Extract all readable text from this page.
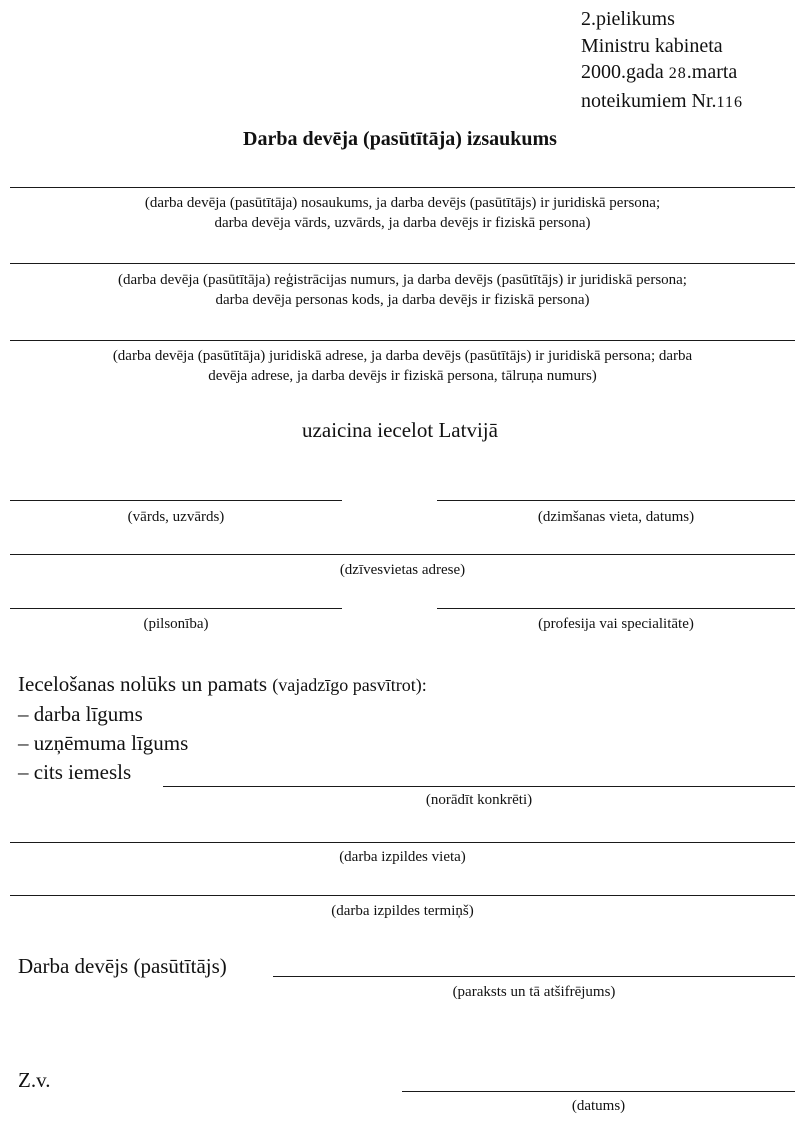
2.pielikums
Ministru kabineta
2000.gada 28.marta
noteikumiem Nr.116
Darba devēja (pasūtītāja) izsaukums
(darba devēja (pasūtītāja) nosaukums, ja darba devējs (pasūtītājs) ir juridiskā persona;
darba devēja vārds, uzvārds, ja darba devējs ir fiziskā persona)
(darba devēja (pasūtītāja) reģistrācijas numurs, ja darba devējs (pasūtītājs) ir juridiskā persona;
darba devēja personas kods, ja darba devējs ir fiziskā persona)
(darba devēja (pasūtītāja) juridiskā adrese, ja darba devējs (pasūtītājs) ir juridiskā persona; darba
devēja adrese, ja darba devējs ir fiziskā persona, tālruņa numurs)
uzaicina iecelot Latvijā
(vārds, uzvārds)	(dzimšanas vieta, datums)
(dzīvesvietas adrese)
(pilsonība)	(profesija vai specialitāte)
Iecelošanas nolūks un pamats (vajadzīgo pasvītrot):
– darba līgums
– uzņēmuma līgums
– cits iemesls
(norādīt konkrēti)
(darba izpildes vieta)
(darba izpildes termiņš)
Darba devējs (pasūtītājs)
(paraksts un tā atšifrējums)
Z.v.
(datums)
